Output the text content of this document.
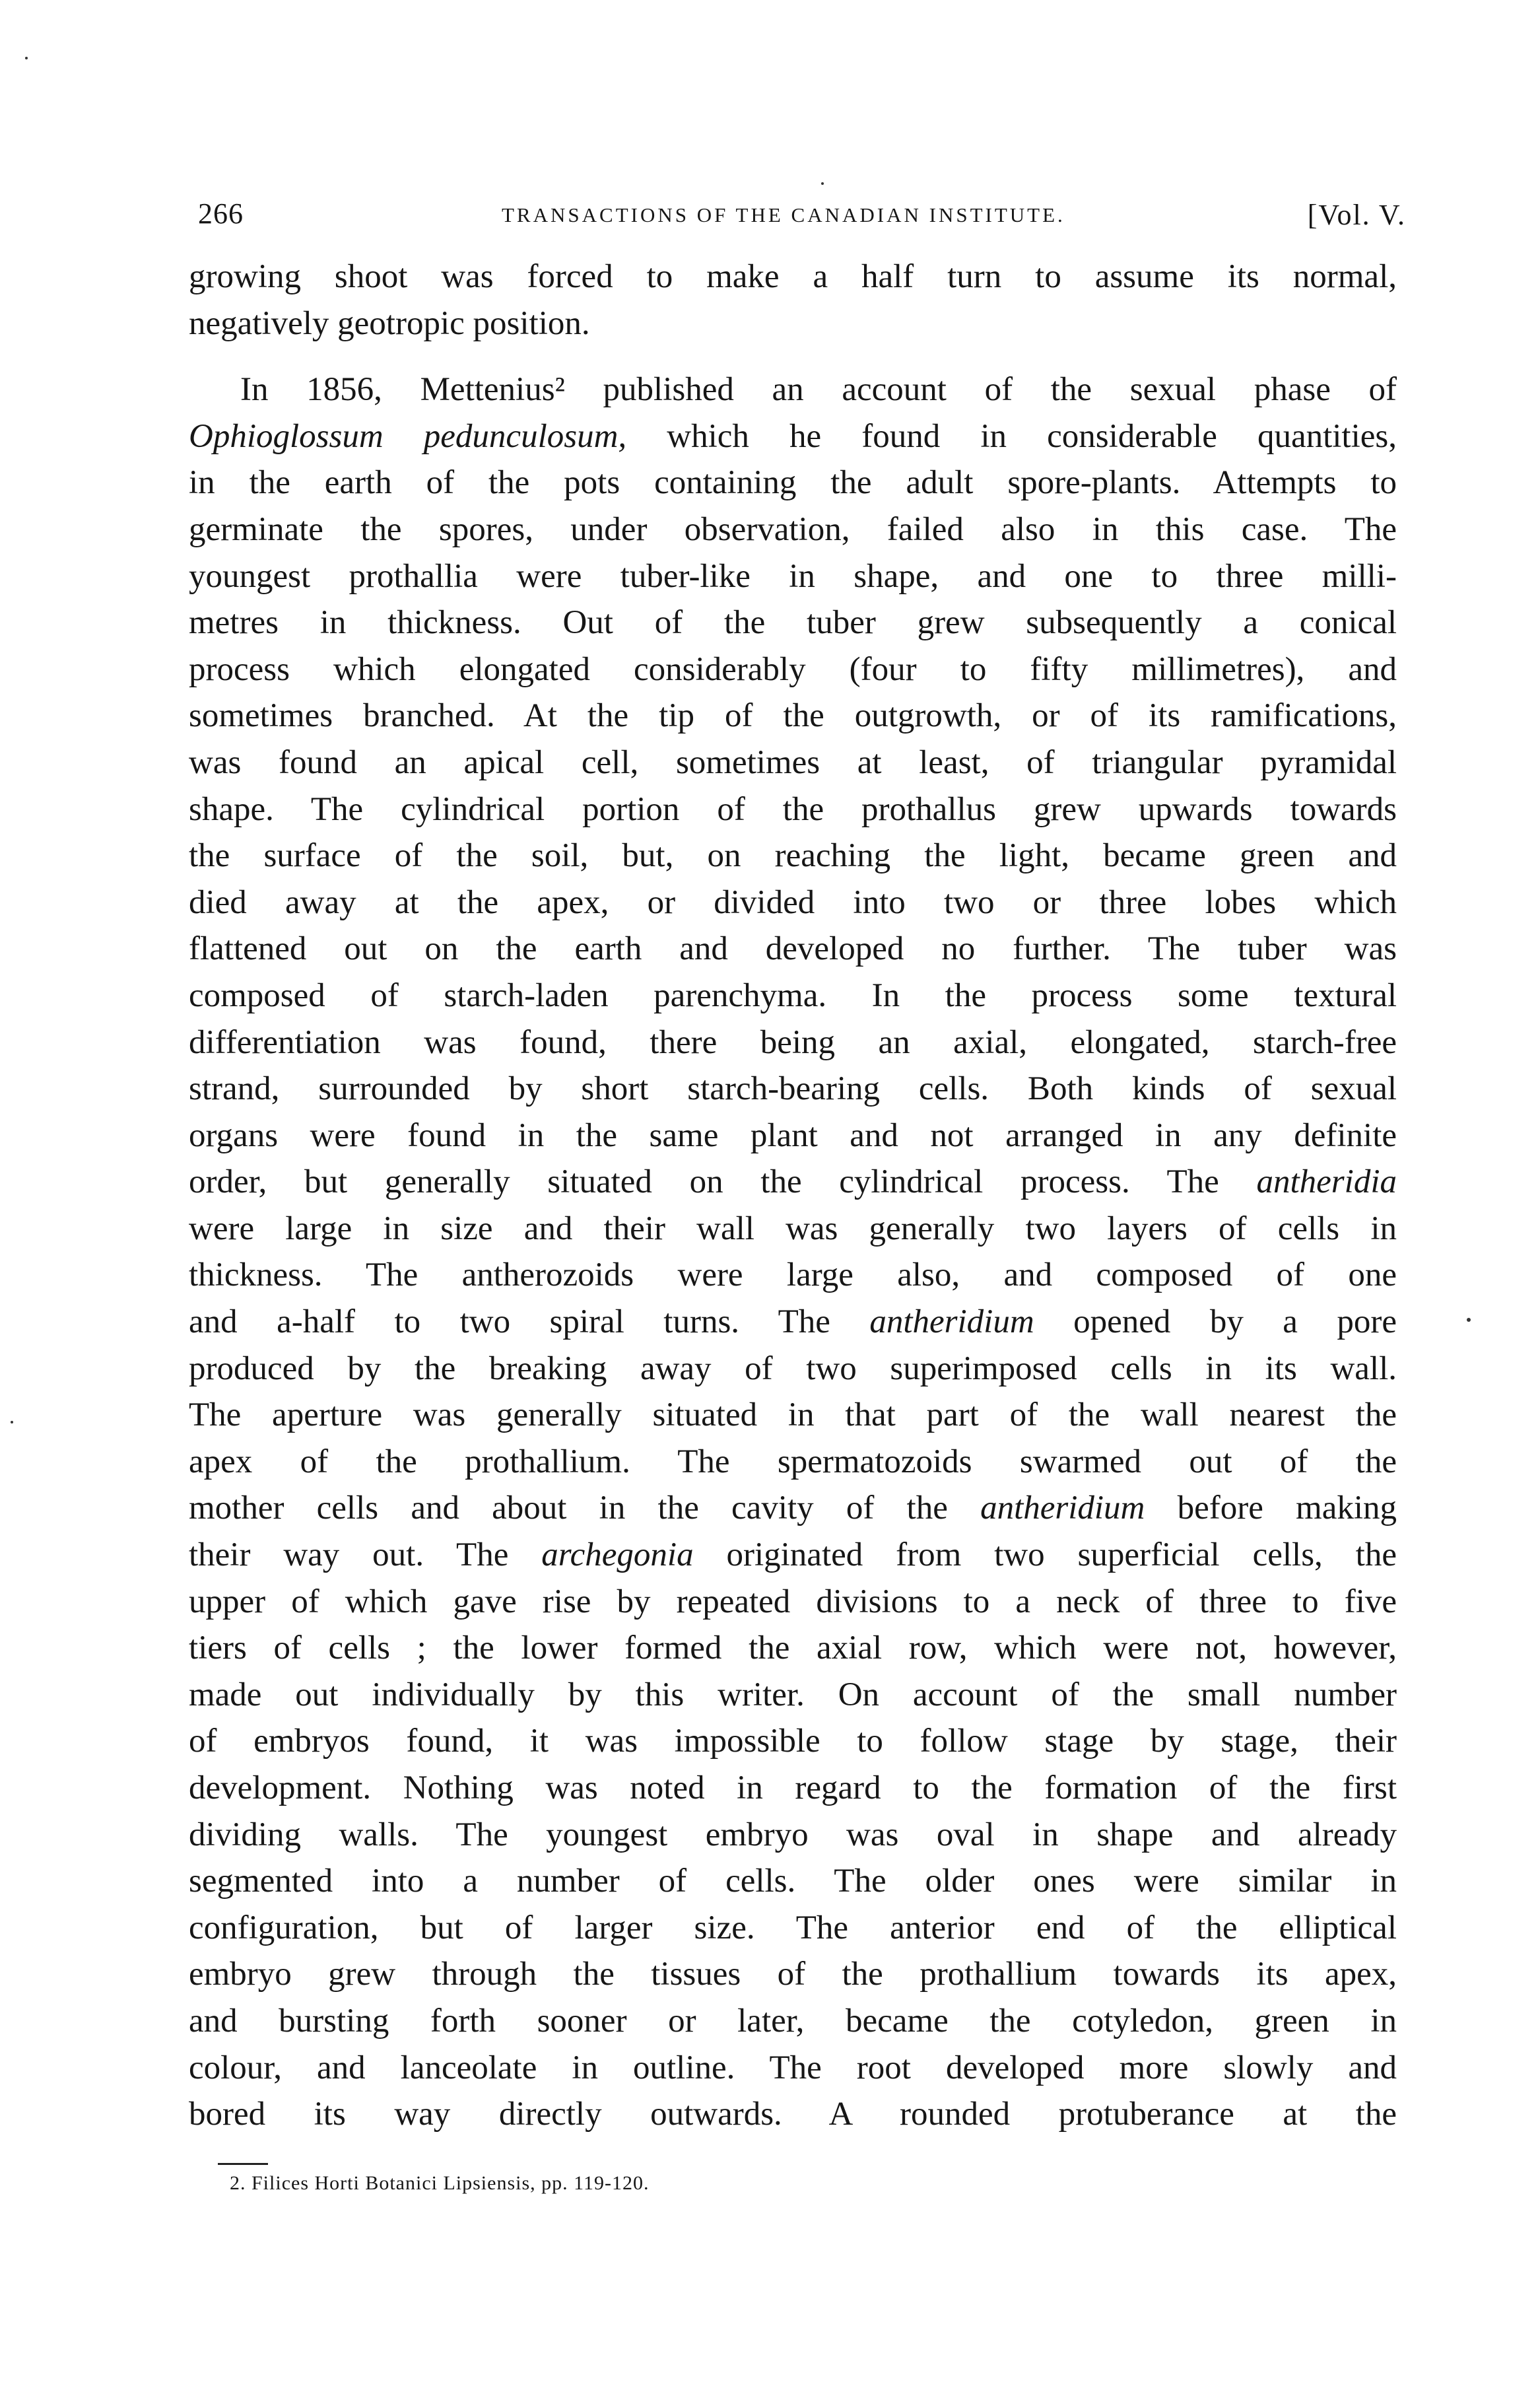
266	TRANSACTIONS OF THE CANADIAN INSTITUTE.	[Vol. V.
growing shoot was forced to make a half turn to assume its normal,
negatively geotropic position.
In 1856, Mettenius² published an account of the sexual phase of
Ophioglossum pedunculosum, which he found in considerable quantities,
in the earth of the pots containing the adult spore-plants. Attempts to
germinate the spores, under observation, failed also in this case. The
youngest prothallia were tuber-like in shape, and one to three milli-
metres in thickness. Out of the tuber grew subsequently a conical
process which elongated considerably (four to fifty millimetres), and
sometimes branched. At the tip of the outgrowth, or of its ramifications,
was found an apical cell, sometimes at least, of triangular pyramidal
shape. The cylindrical portion of the prothallus grew upwards towards
the surface of the soil, but, on reaching the light, became green and
died away at the apex, or divided into two or three lobes which
flattened out on the earth and developed no further. The tuber was
composed of starch-laden parenchyma. In the process some textural
differentiation was found, there being an axial, elongated, starch-free
strand, surrounded by short starch-bearing cells. Both kinds of sexual
organs were found in the same plant and not arranged in any definite
order, but generally situated on the cylindrical process. The antheridia
were large in size and their wall was generally two layers of cells in
thickness. The antherozoids were large also, and composed of one
and a-half to two spiral turns. The antheridium opened by a pore
produced by the breaking away of two superimposed cells in its wall.
The aperture was generally situated in that part of the wall nearest the
apex of the prothallium. The spermatozoids swarmed out of the
mother cells and about in the cavity of the antheridium before making
their way out. The archegonia originated from two superficial cells, the
upper of which gave rise by repeated divisions to a neck of three to five
tiers of cells ; the lower formed the axial row, which were not, however,
made out individually by this writer. On account of the small number
of embryos found, it was impossible to follow stage by stage, their
development. Nothing was noted in regard to the formation of the first
dividing walls. The youngest embryo was oval in shape and already
segmented into a number of cells. The older ones were similar in
configuration, but of larger size. The anterior end of the elliptical
embryo grew through the tissues of the prothallium towards its apex,
and bursting forth sooner or later, became the cotyledon, green in
colour, and lanceolate in outline. The root developed more slowly and
bored its way directly outwards. A rounded protuberance at the
2. Filices Horti Botanici Lipsiensis, pp. 119-120.
